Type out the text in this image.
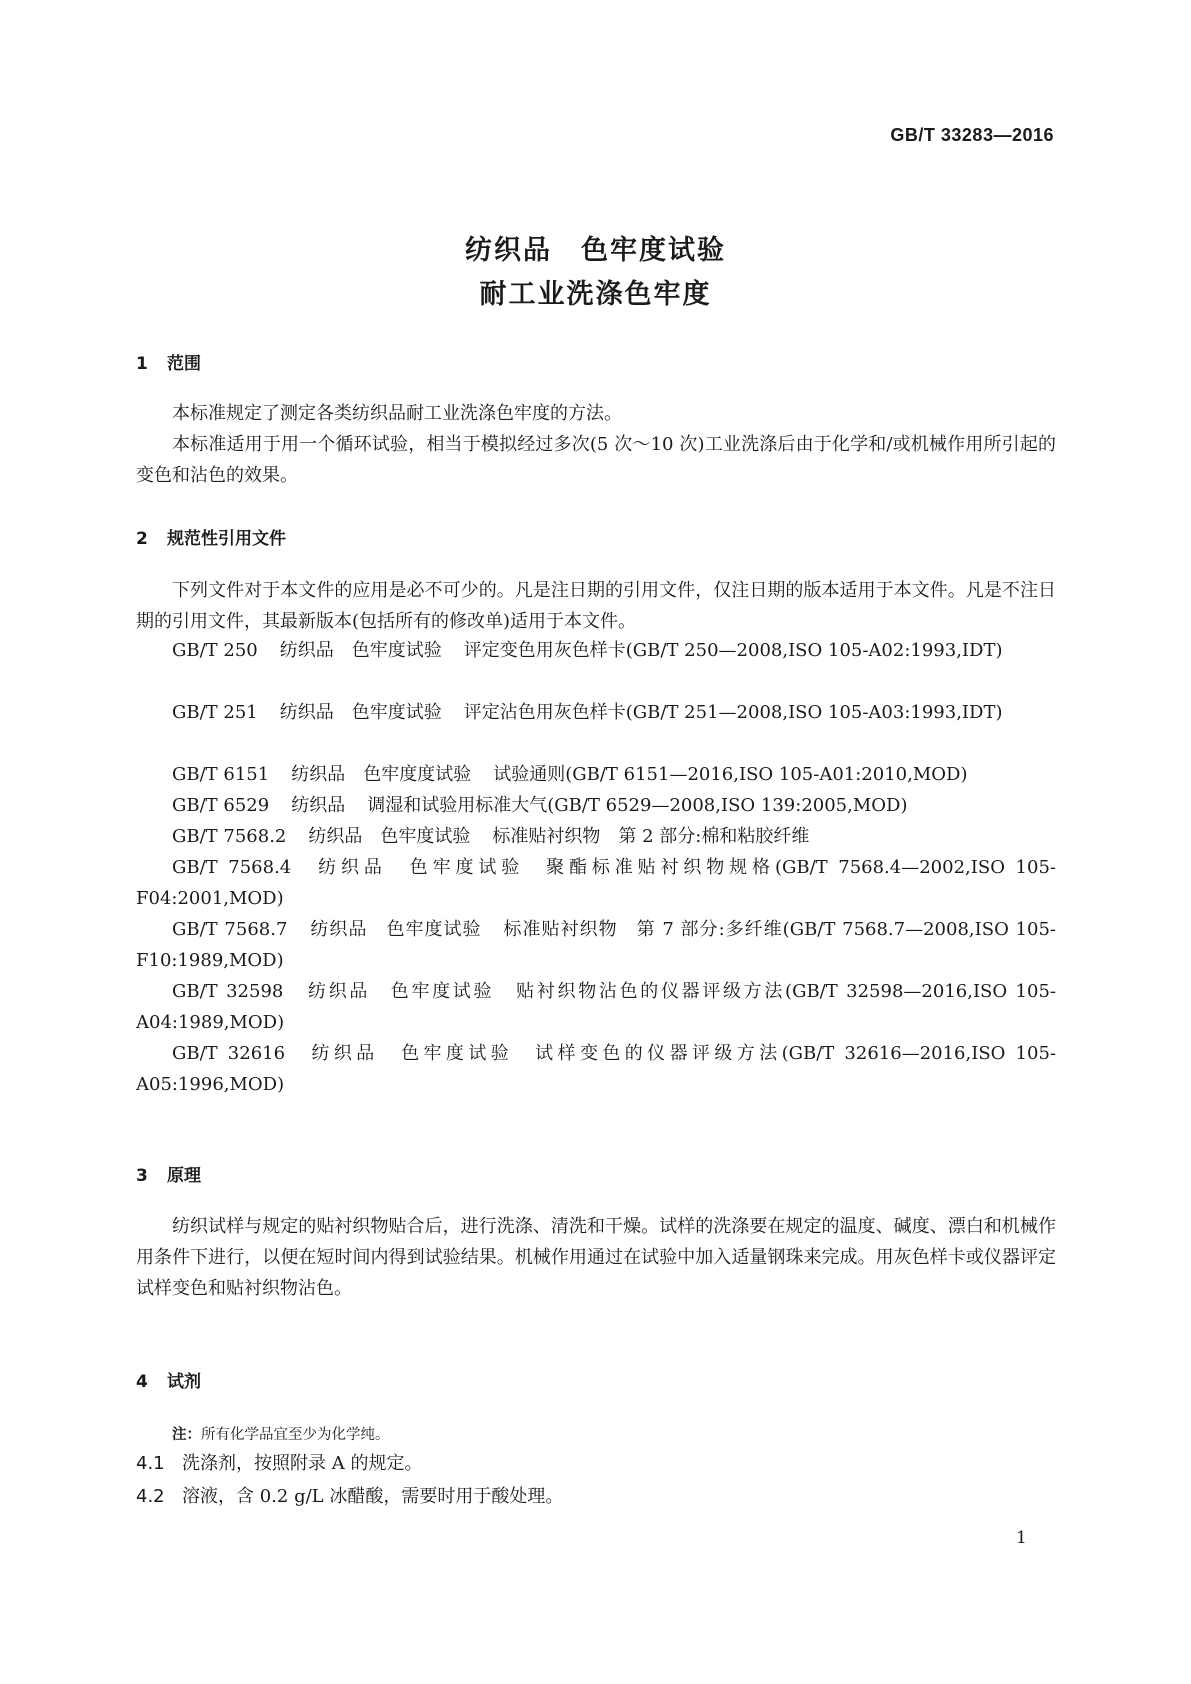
GB/T 33283—2016
纺织品　色牢度试验
耐工业洗涤色牢度
1 范围

本标准规定了测定各类纺织品耐工业洗涤色牢度的方法。

本标准适用于用一个循环试验，相当于模拟经过多次(5 次～10 次)工业洗涤后由于化学和/或机械作用所引起的变色和沾色的效果。

2 规范性引用文件

下列文件对于本文件的应用是必不可少的。凡是注日期的引用文件，仅注日期的版本适用于本文件。凡是不注日期的引用文件，其最新版本(包括所有的修改单)适用于本文件。

GB/T 250 纺织品　色牢度试验 评定变色用灰色样卡(GB/T 250—2008,ISO 105-A02:1993,IDT)

GB/T 251 纺织品　色牢度试验 评定沾色用灰色样卡(GB/T 251—2008,ISO 105-A03:1993,IDT)

GB/T 6151 纺织品　色牢度度试验 试验通则(GB/T 6151—2016,ISO 105-A01:2010,MOD)

GB/T 6529 纺织品 调湿和试验用标准大气(GB/T 6529—2008,ISO 139:2005,MOD)

GB/T 7568.2 纺织品　色牢度试验 标准贴衬织物　第 2 部分:棉和粘胶纤维

GB/T 7568.4 纺织品　色牢度试验 聚酯标准贴衬织物规格(GB/T 7568.4—2002,ISO 105-F04:2001,MOD)

GB/T 7568.7 纺织品　色牢度试验 标准贴衬织物　第 7 部分:多纤维(GB/T 7568.7—2008,ISO 105-F10:1989,MOD)

GB/T 32598 纺织品　色牢度试验 贴衬织物沾色的仪器评级方法(GB/T 32598—2016,ISO 105-A04:1989,MOD)

GB/T 32616 纺织品　色牢度试验 试样变色的仪器评级方法(GB/T 32616—2016,ISO 105-A05:1996,MOD)

3 原理

纺织试样与规定的贴衬织物贴合后，进行洗涤、清洗和干燥。试样的洗涤要在规定的温度、碱度、漂白和机械作用条件下进行，以便在短时间内得到试验结果。机械作用通过在试验中加入适量钢珠来完成。用灰色样卡或仪器评定试样变色和贴衬织物沾色。

4 试剂
注：所有化学品宜至少为化学纯。
4.1 洗涤剂，按照附录 A 的规定。
4.2 溶液，含 0.2 g/L 冰醋酸，需要时用于酸处理。
1
